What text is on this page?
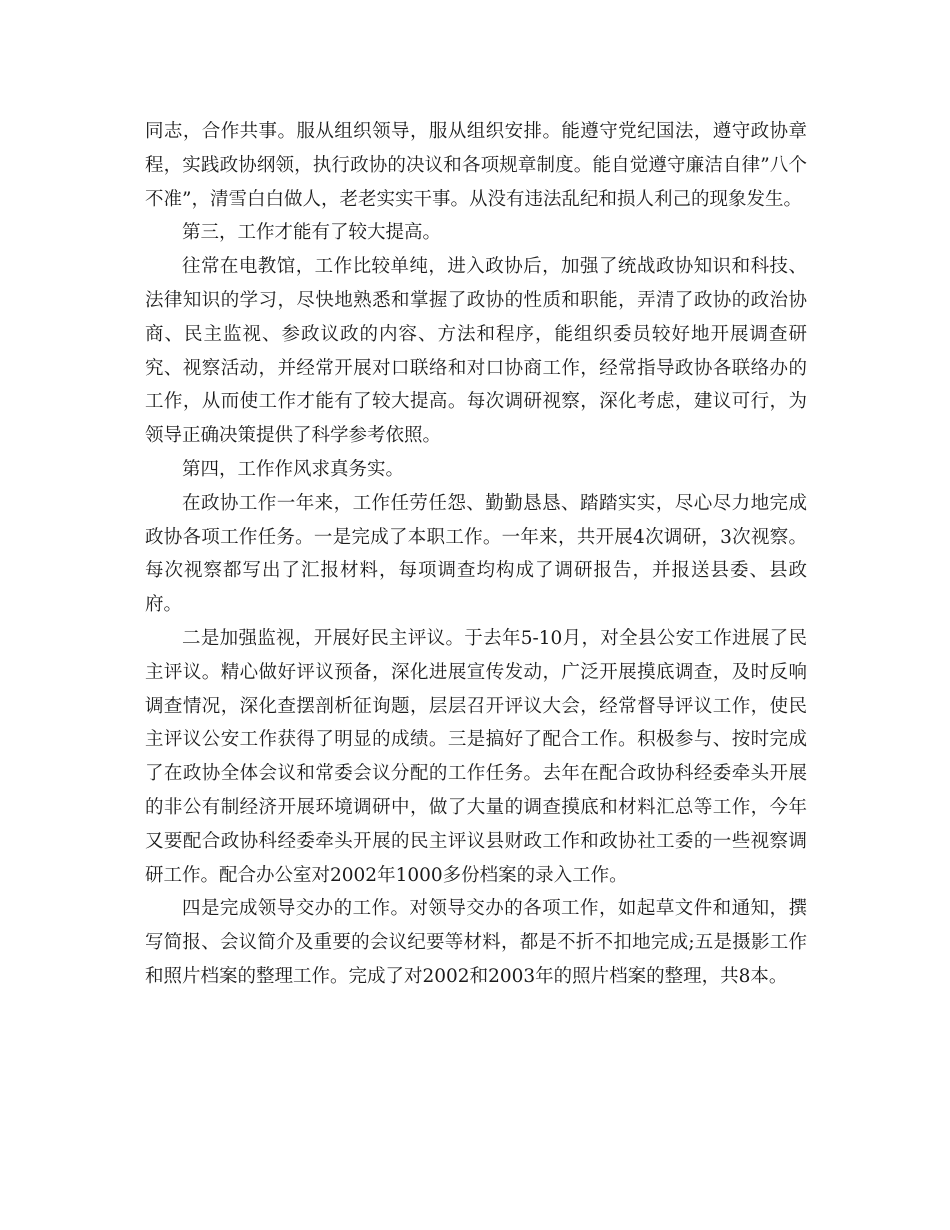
同志，合作共事。服从组织领导，服从组织安排。能遵守党纪国法，遵守政协章程，实践政协纲领，执行政协的决议和各项规章制度。能自觉遵守廉洁自律”八个不准”，清雪白白做人，老老实实干事。从没有违法乱纪和损人利己的现象发生。

第三，工作才能有了较大提高。

往常在电教馆，工作比较单纯，进入政协后，加强了统战政协知识和科技、法律知识的学习，尽快地熟悉和掌握了政协的性质和职能，弄清了政协的政治协商、民主监视、参政议政的内容、方法和程序，能组织委员较好地开展调查研究、视察活动，并经常开展对口联络和对口协商工作，经常指导政协各联络办的工作，从而使工作才能有了较大提高。每次调研视察，深化考虑，建议可行，为领导正确决策提供了科学参考依照。

第四，工作作风求真务实。

在政协工作一年来，工作任劳任怨、勤勤恳恳、踏踏实实，尽心尽力地完成政协各项工作任务。一是完成了本职工作。一年来，共开展4次调研，3次视察。每次视察都写出了汇报材料，每项调查均构成了调研报告，并报送县委、县政府。

二是加强监视，开展好民主评议。于去年5-10月，对全县公安工作进展了民主评议。精心做好评议预备，深化进展宣传发动，广泛开展摸底调查，及时反响调查情况，深化查摆剖析征询题，层层召开评议大会，经常督导评议工作，使民主评议公安工作获得了明显的成绩。三是搞好了配合工作。积极参与、按时完成了在政协全体会议和常委会议分配的工作任务。去年在配合政协科经委牵头开展的非公有制经济开展环境调研中，做了大量的调查摸底和材料汇总等工作，今年又要配合政协科经委牵头开展的民主评议县财政工作和政协社工委的一些视察调研工作。配合办公室对2002年1000多份档案的录入工作。

四是完成领导交办的工作。对领导交办的各项工作，如起草文件和通知，撰写简报、会议简介及重要的会议纪要等材料，都是不折不扣地完成;五是摄影工作和照片档案的整理工作。完成了对2002和2003年的照片档案的整理，共8本。
